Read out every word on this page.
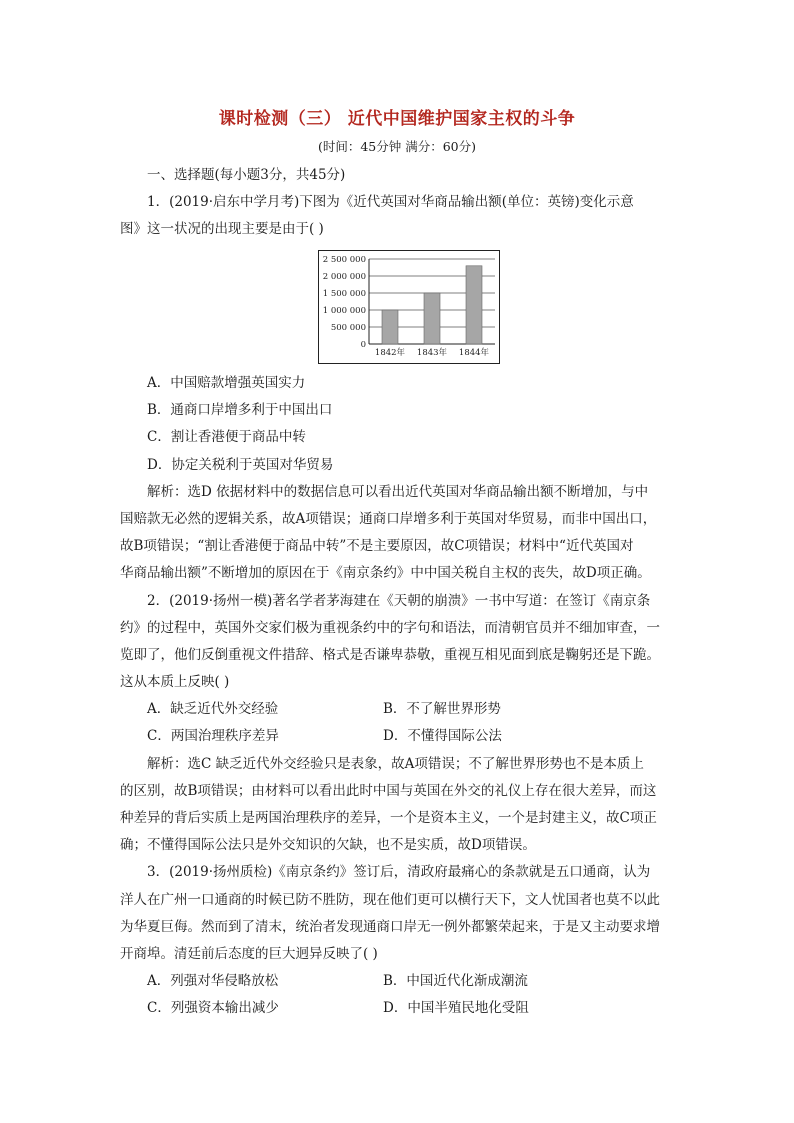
课时检测（三） 近代中国维护国家主权的斗争
(时间：45分钟 满分：60分)
一、选择题(每小题3分，共45分)
1．(2019·启东中学月考)下图为《近代英国对华商品输出额(单位：英镑)变化示意
图》这一状况的出现主要是由于( )
0
500 000
1 000 000
1 500 000
2 000 000
2 500 000
1842年 1843年 1844年
A．中国赔款增强英国实力
B．通商口岸增多利于中国出口
C．割让香港便于商品中转
D．协定关税利于英国对华贸易
解析：选D 依据材料中的数据信息可以看出近代英国对华商品输出额不断增加，与中
国赔款无必然的逻辑关系，故A项错误；通商口岸增多利于英国对华贸易，而非中国出口，
故B项错误；“割让香港便于商品中转”不是主要原因，故C项错误；材料中“近代英国对
华商品输出额”不断增加的原因在于《南京条约》中中国关税自主权的丧失，故D项正确。
2．(2019·扬州一模)著名学者茅海建在《天朝的崩溃》一书中写道：在签订《南京条
约》的过程中，英国外交家们极为重视条约中的字句和语法，而清朝官员并不细加审查，一
览即了，他们反倒重视文件措辞、格式是否谦卑恭敬，重视互相见面到底是鞠躬还是下跪。
这从本质上反映( )
A．缺乏近代外交经验	B．不了解世界形势
C．两国治理秩序差异	D．不懂得国际公法
解析：选C 缺乏近代外交经验只是表象，故A项错误；不了解世界形势也不是本质上
的区别，故B项错误；由材料可以看出此时中国与英国在外交的礼仪上存在很大差异，而这
种差异的背后实质上是两国治理秩序的差异，一个是资本主义，一个是封建主义，故C项正
确；不懂得国际公法只是外交知识的欠缺，也不是实质，故D项错误。
3．(2019·扬州质检)《南京条约》签订后，清政府最痛心的条款就是五口通商，认为
洋人在广州一口通商的时候已防不胜防，现在他们更可以横行天下，文人忧国者也莫不以此
为华夏巨侮。然而到了清末，统治者发现通商口岸无一例外都繁荣起来，于是又主动要求增
开商埠。清廷前后态度的巨大迥异反映了( )
A．列强对华侵略放松	B．中国近代化渐成潮流
C．列强资本输出减少	D．中国半殖民地化受阻
